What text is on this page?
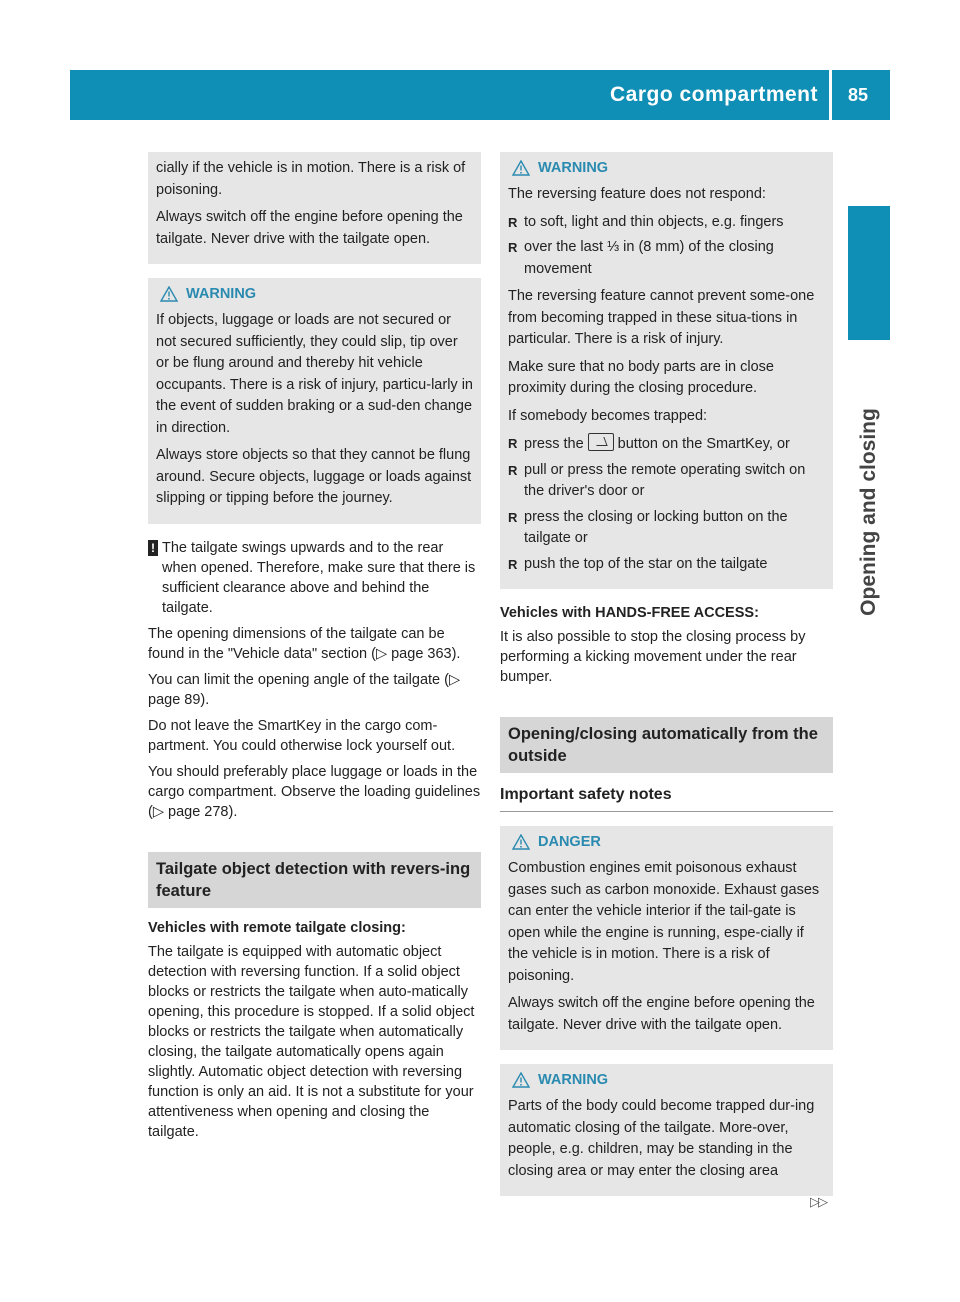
Cargo compartment	85
Opening and closing

cially if the vehicle is in motion. There is a risk of poisoning.

Always switch off the engine before opening the tailgate. Never drive with the tailgate open.

WARNING

If objects, luggage or loads are not secured or not secured sufficiently, they could slip, tip over or be flung around and thereby hit vehicle occupants. There is a risk of injury, particu-larly in the event of sudden braking or a sud-den change in direction.

Always store objects so that they cannot be flung around. Secure objects, luggage or loads against slipping or tipping before the journey.

! The tailgate swings upwards and to the rear when opened. Therefore, make sure that there is sufficient clearance above and behind the tailgate.

The opening dimensions of the tailgate can be found in the "Vehicle data" section (▷ page 363).

You can limit the opening angle of the tailgate (▷ page 89).

Do not leave the SmartKey in the cargo com-partment. You could otherwise lock yourself out.

You should preferably place luggage or loads in the cargo compartment. Observe the loading guidelines (▷ page 278).

Tailgate object detection with revers-ing feature

Vehicles with remote tailgate closing:

The tailgate is equipped with automatic object detection with reversing function. If a solid object blocks or restricts the tailgate when auto-matically opening, this procedure is stopped. If a solid object blocks or restricts the tailgate when automatically closing, the tailgate automatically opens again slightly. Automatic object detection with reversing function is only an aid. It is not a substitute for your attentiveness when opening and closing the tailgate.

WARNING

The reversing feature does not respond:

R to soft, light and thin objects, e.g. fingers
R over the last ⅓ in (8 mm) of the closing movement

The reversing feature cannot prevent some-one from becoming trapped in these situa-tions in particular. There is a risk of injury.

Make sure that no body parts are in close proximity during the closing procedure.

If somebody becomes trapped:

R press the button on the SmartKey, or
R pull or press the remote operating switch on the driver's door or
R press the closing or locking button on the tailgate or
R push the top of the star on the tailgate

Vehicles with HANDS-FREE ACCESS:

It is also possible to stop the closing process by performing a kicking movement under the rear bumper.

Opening/closing automatically from the outside
Important safety notes
DANGER

Combustion engines emit poisonous exhaust gases such as carbon monoxide. Exhaust gases can enter the vehicle interior if the tail-gate is open while the engine is running, espe-cially if the vehicle is in motion. There is a risk of poisoning.

Always switch off the engine before opening the tailgate. Never drive with the tailgate open.

WARNING

Parts of the body could become trapped dur-ing automatic closing of the tailgate. More-over, people, e.g. children, may be standing in the closing area or may enter the closing area

▷▷
